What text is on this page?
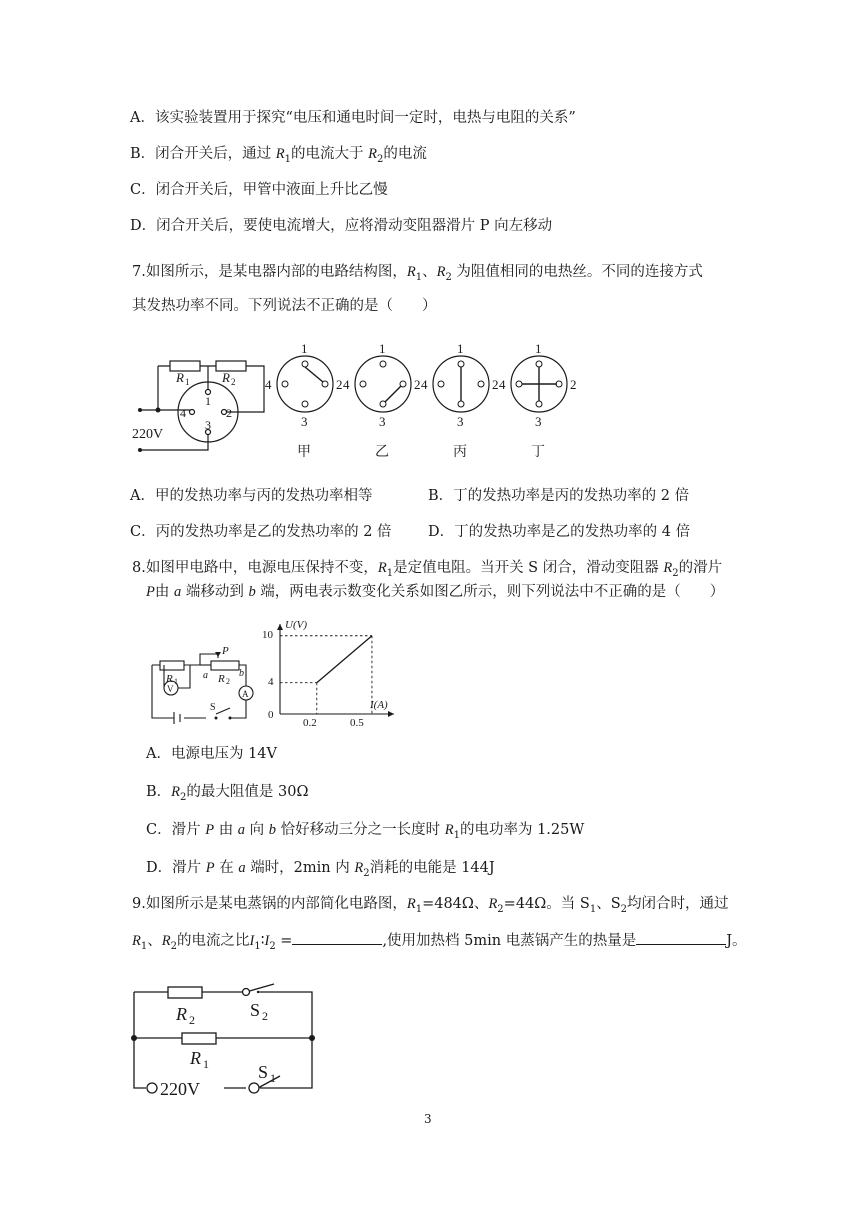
A．该实验装置用于探究“电压和通电时间一定时，电热与电阻的关系”
B．闭合开关后，通过 $R_1$的电流大于 $R_2$的电流
C．闭合开关后，甲管中液面上升比乙慢
D．闭合开关后，要使电流增大，应将滑动变阻器滑片 P 向左移动
7.如图所示，是某电器内部的电路结构图，$R_1$、$R_2$ 为阻值相同的电热丝。不同的连接方式
其发热功率不同。下列说法不正确的是（　　）
R 1	R 2
1
2
3
4
220V
1
2
3
4
甲
1
2
3
4
乙
1
2
3
4
丙
1
2
3
4
丁
A．甲的发热功率与丙的发热功率相等	B．丁的发热功率是丙的发热功率的 2 倍
C．丙的发热功率是乙的发热功率的 2 倍	D．丁的发热功率是乙的发热功率的 4 倍
8.如图甲电路中，电源电压保持不变，$R_1$是定值电阻。当开关 S 闭合，滑动变阻器 $R_2$的滑片
P由 a 端移动到 b 端，两电表示数变化关系如图乙所示，则下列说法中不正确的是（　　）
R 1	R 2
P
a	b
V	A
S
U(V)
I(A)
10
4
0
0.2	0.5
A．电源电压为 14V
B．$R_2$的最大阻值是 30Ω
C．滑片 P 由 a 向 b 恰好移动三分之一长度时 $R_1$的电功率为 1.25W
D．滑片 P 在 a 端时，2min 内 $R_2$消耗的电能是 144J
9.如图所示是某电蒸锅的内部简化电路图，$R_1=484\Omega$、$R_2=44\Omega$。当 $S_1$、$S_2$均闭合时，通过
$R_1$、$R_2$的电流之比$I_1∶I_2$ =	,使用加热档 5min 电蒸锅产生的热量是	J。
R 2
R 1
S 2
S 1
220V
3
